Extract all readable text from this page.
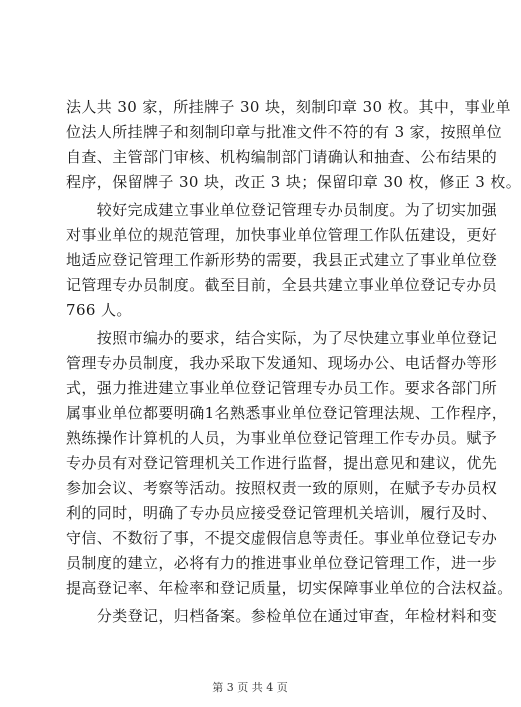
法人共 30 家，所挂牌子 30 块，刻制印章 30 枚。其中，事业单
位法人所挂牌子和刻制印章与批准文件不符的有 3 家，按照单位
自查、主管部门审核、机构编制部门请确认和抽查、公布结果的
程序，保留牌子 30 块，改正 3 块；保留印章 30 枚，修正 3 枚。
　　较好完成建立事业单位登记管理专办员制度。为了切实加强
对事业单位的规范管理，加快事业单位管理工作队伍建设，更好
地适应登记管理工作新形势的需要，我县正式建立了事业单位登
记管理专办员制度。截至目前，全县共建立事业单位登记专办员
766 人。
　　按照市编办的要求，结合实际，为了尽快建立事业单位登记
管理专办员制度，我办采取下发通知、现场办公、电话督办等形
式，强力推进建立事业单位登记管理专办员工作。要求各部门所
属事业单位都要明确1名熟悉事业单位登记管理法规、工作程序，
熟练操作计算机的人员，为事业单位登记管理工作专办员。赋予
专办员有对登记管理机关工作进行监督，提出意见和建议，优先
参加会议、考察等活动。按照权责一致的原则，在赋予专办员权
利的同时，明确了专办员应接受登记管理机关培训，履行及时、
守信、不数衍了事，不提交虚假信息等责任。事业单位登记专办
员制度的建立，必将有力的推进事业单位登记管理工作，进一步
提高登记率、年检率和登记质量，切实保障事业单位的合法权益。
　　分类登记，归档备案。参检单位在通过审查，年检材料和变
第 3 页 共 4 页
